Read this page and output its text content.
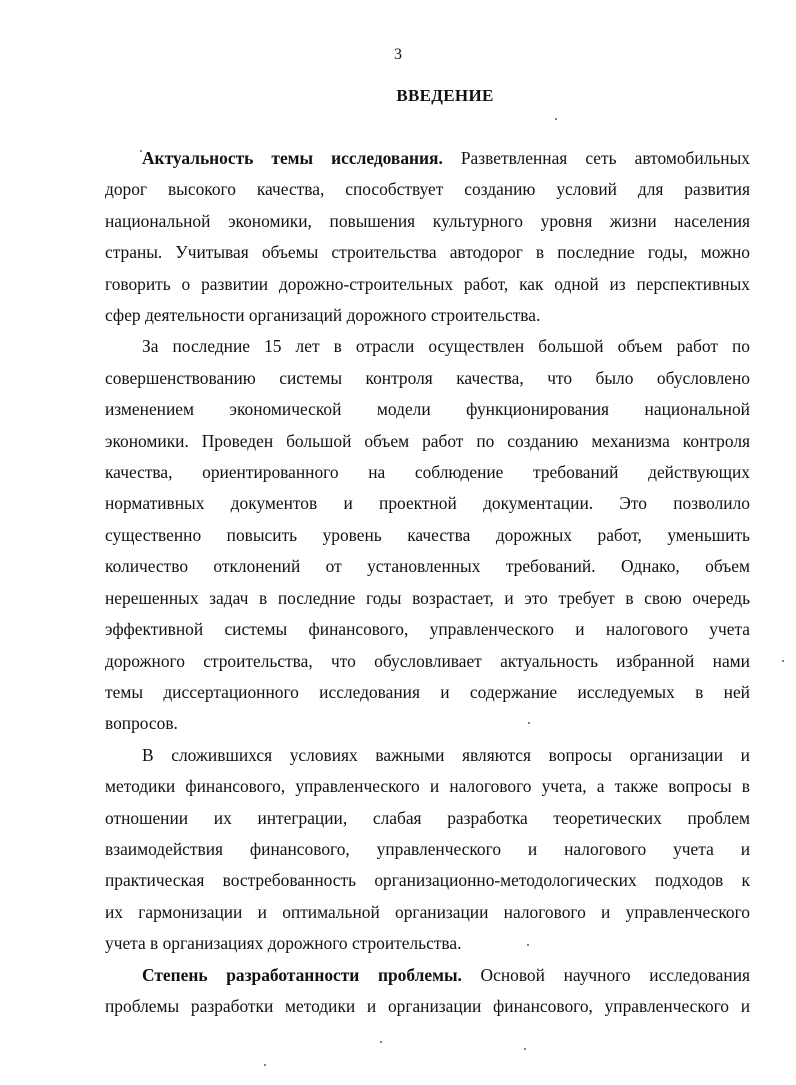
3
ВВЕДЕНИЕ
Актуальность темы исследования. Разветвленная сеть автомобильных
дорог высокого качества, способствует созданию условий для развития
национальной экономики, повышения культурного уровня жизни населения
страны. Учитывая объемы строительства автодорог в последние годы, можно
говорить о развитии дорожно-строительных работ, как одной из перспективных
сфер деятельности организаций дорожного строительства.
За последние 15 лет в отрасли осуществлен большой объем работ по
совершенствованию системы контроля качества, что было обусловлено
изменением экономической модели функционирования национальной
экономики. Проведен большой объем работ по созданию механизма контроля
качества, ориентированного на соблюдение требований действующих
нормативных документов и проектной документации. Это позволило
существенно повысить уровень качества дорожных работ, уменьшить
количество отклонений от установленных требований. Однако, объем
нерешенных задач в последние годы возрастает, и это требует в свою очередь
эффективной системы финансового, управленческого и налогового учета
дорожного строительства, что обусловливает актуальность избранной нами
темы диссертационного исследования и содержание исследуемых в ней
вопросов.
В сложившихся условиях важными являются вопросы организации и
методики финансового, управленческого и налогового учета, а также вопросы в
отношении их интеграции, слабая разработка теоретических проблем
взаимодействия финансового, управленческого и налогового учета и
практическая востребованность организационно-методологических подходов к
их гармонизации и оптимальной организации налогового и управленческого
учета в организациях дорожного строительства.
Степень разработанности проблемы. Основой научного исследования
проблемы разработки методики и организации финансового, управленческого и
